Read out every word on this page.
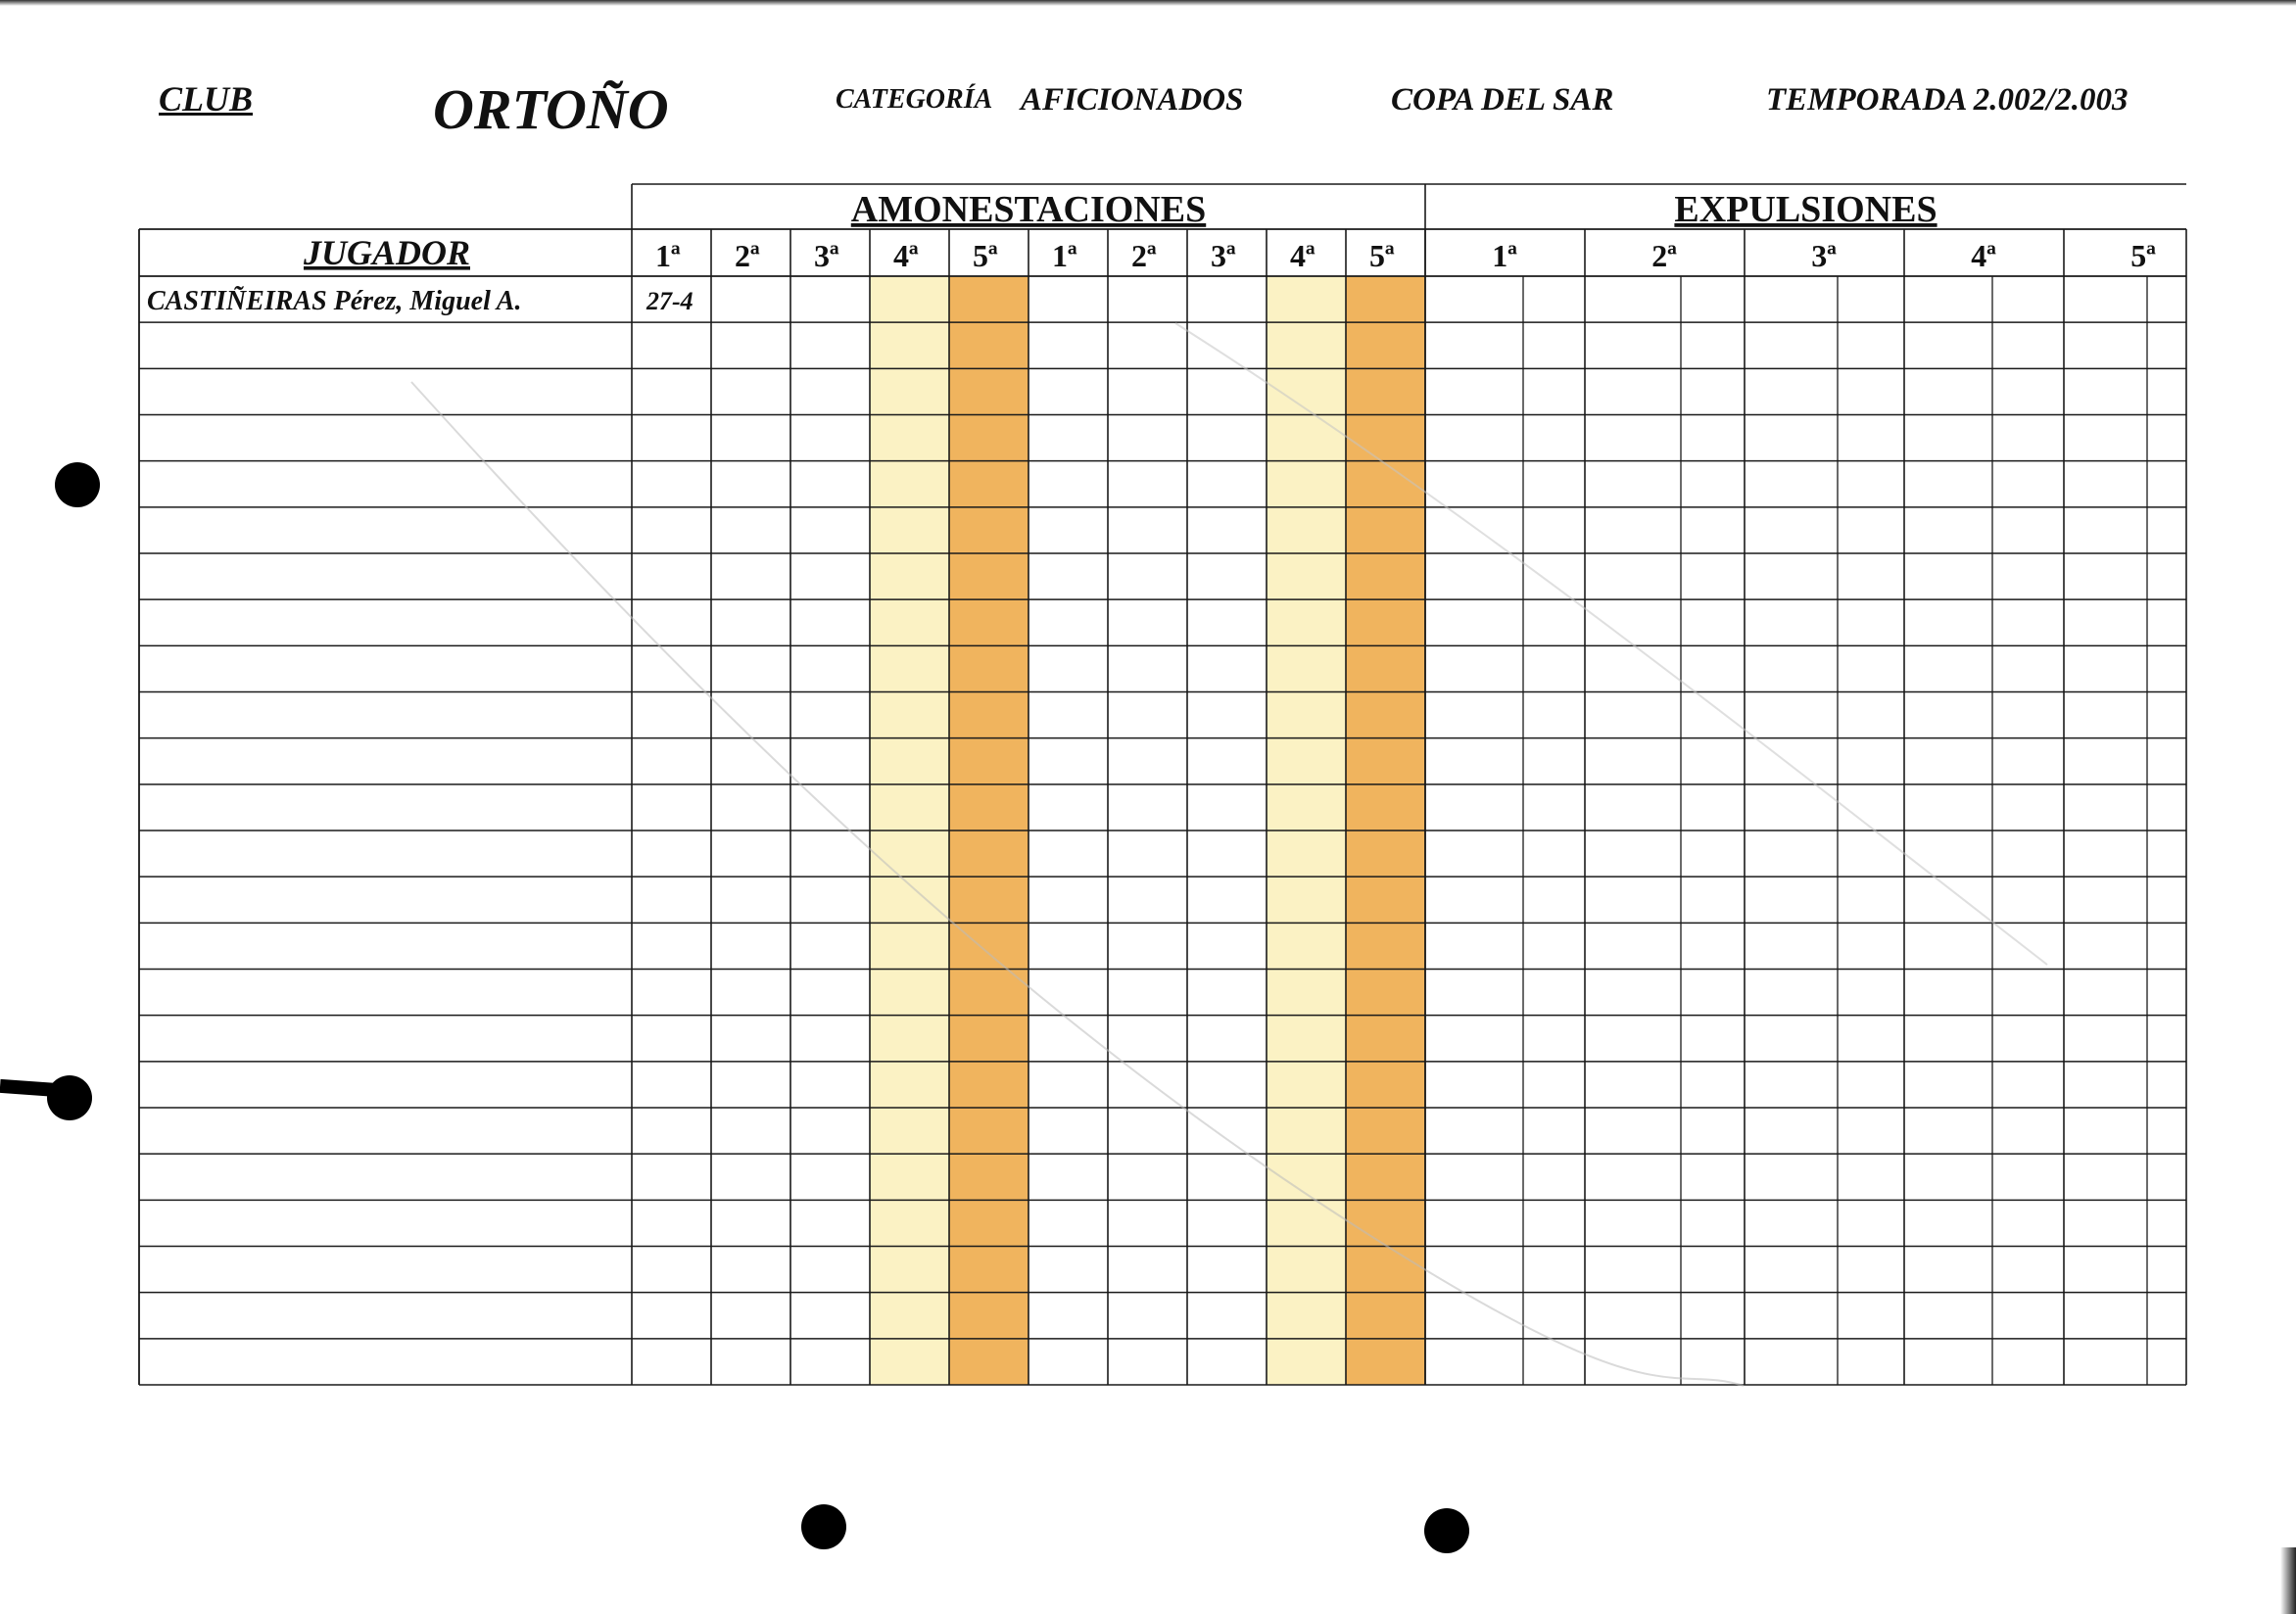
CLUB	ORTOÑO	CATEGORÍA AFICIONADOS	COPA DEL SAR	TEMPORADA 2.002/2.003
AMONESTACIONES	EXPULSIONES
JUGADOR	1ª 2ª 3ª 4ª 5ª 1ª 2ª 3ª 4ª 5ª	1ª	2ª	3ª	4ª	5ª
CASTIÑEIRAS Pérez, Miguel A.	27-4
